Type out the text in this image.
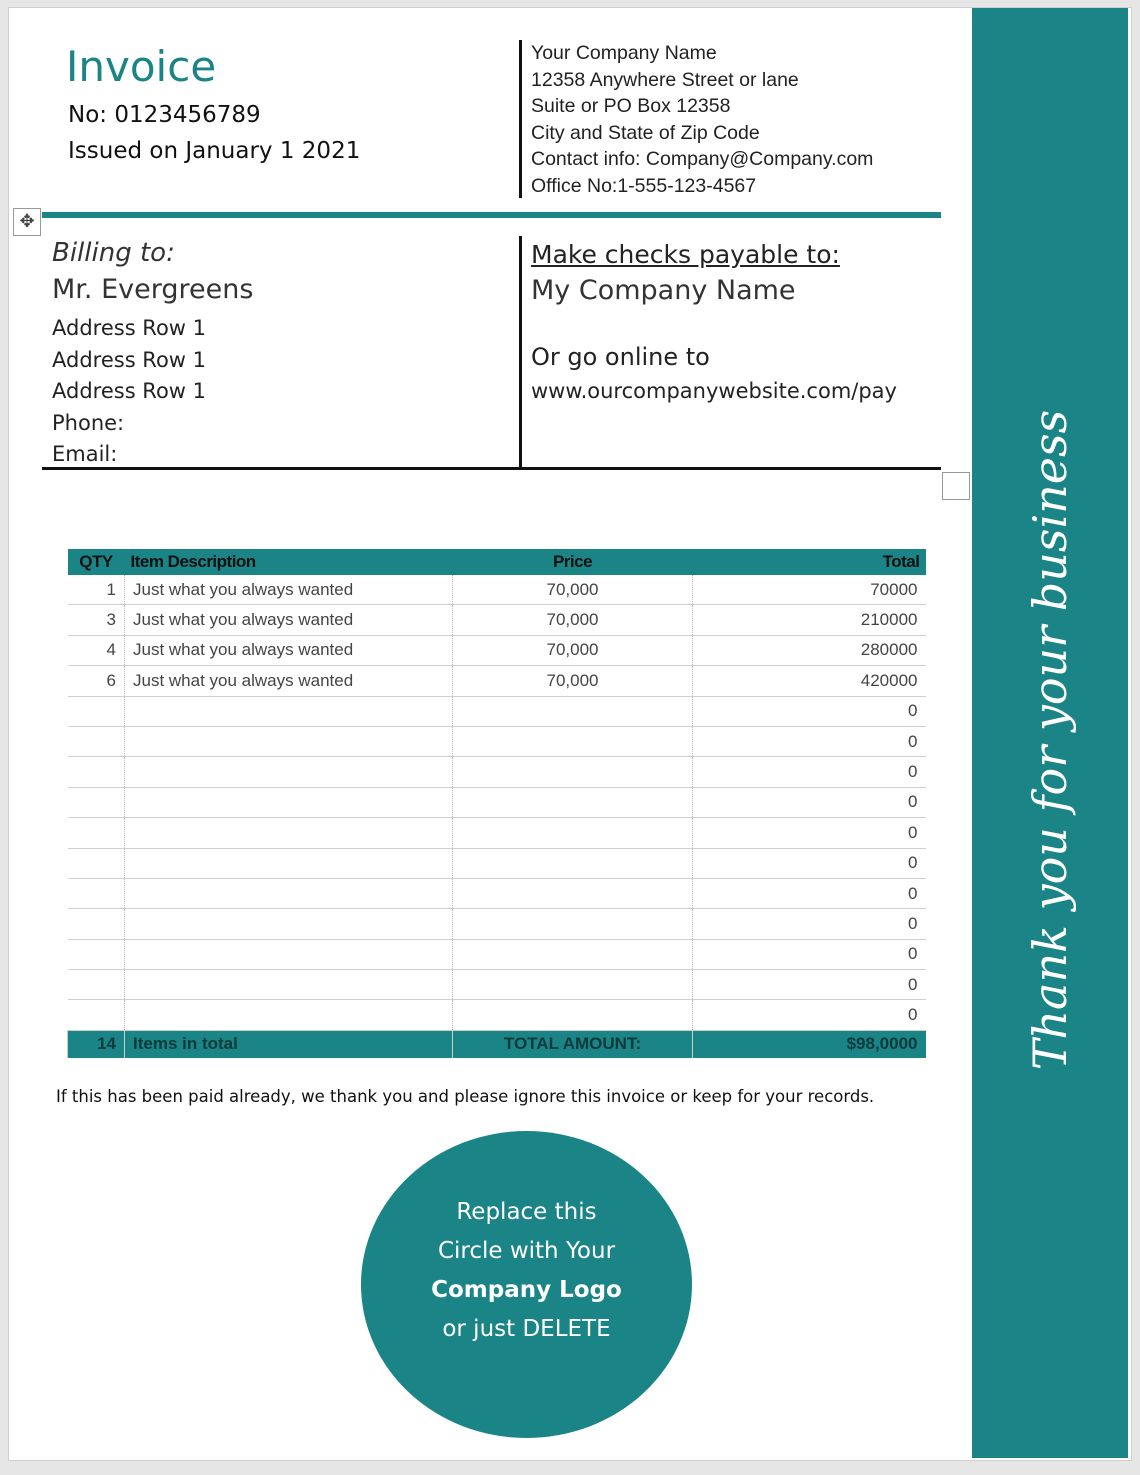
Invoice
No: 0123456789
Issued on January 1 2021
Your Company Name
12358 Anywhere Street or lane
Suite or PO Box 12358
City and State of Zip Code
Contact info: Company@Company.com
Office No:1-555-123-4567
✥
Billing to:
Mr. Evergreens
Address Row 1
Address Row 1
Address Row 1
Phone:
Email:
Make checks payable to:
My Company Name
Or go online to
www.ourcompanywebsite.com/pay
QTY	Item Description	Price	Total
1	Just what you always wanted	70,000	70000
3	Just what you always wanted	70,000	210000
4	Just what you always wanted	70,000	280000
6	Just what you always wanted	70,000	420000
			0
			0
			0
			0
			0
			0
			0
			0
			0
			0
			0
14	Items in total	TOTAL AMOUNT:	$98,0000
If this has been paid already, we thank you and please ignore this invoice or keep for your records.
Replace this
Circle with Your
Company Logo
or just DELETE
Thank you for your business
